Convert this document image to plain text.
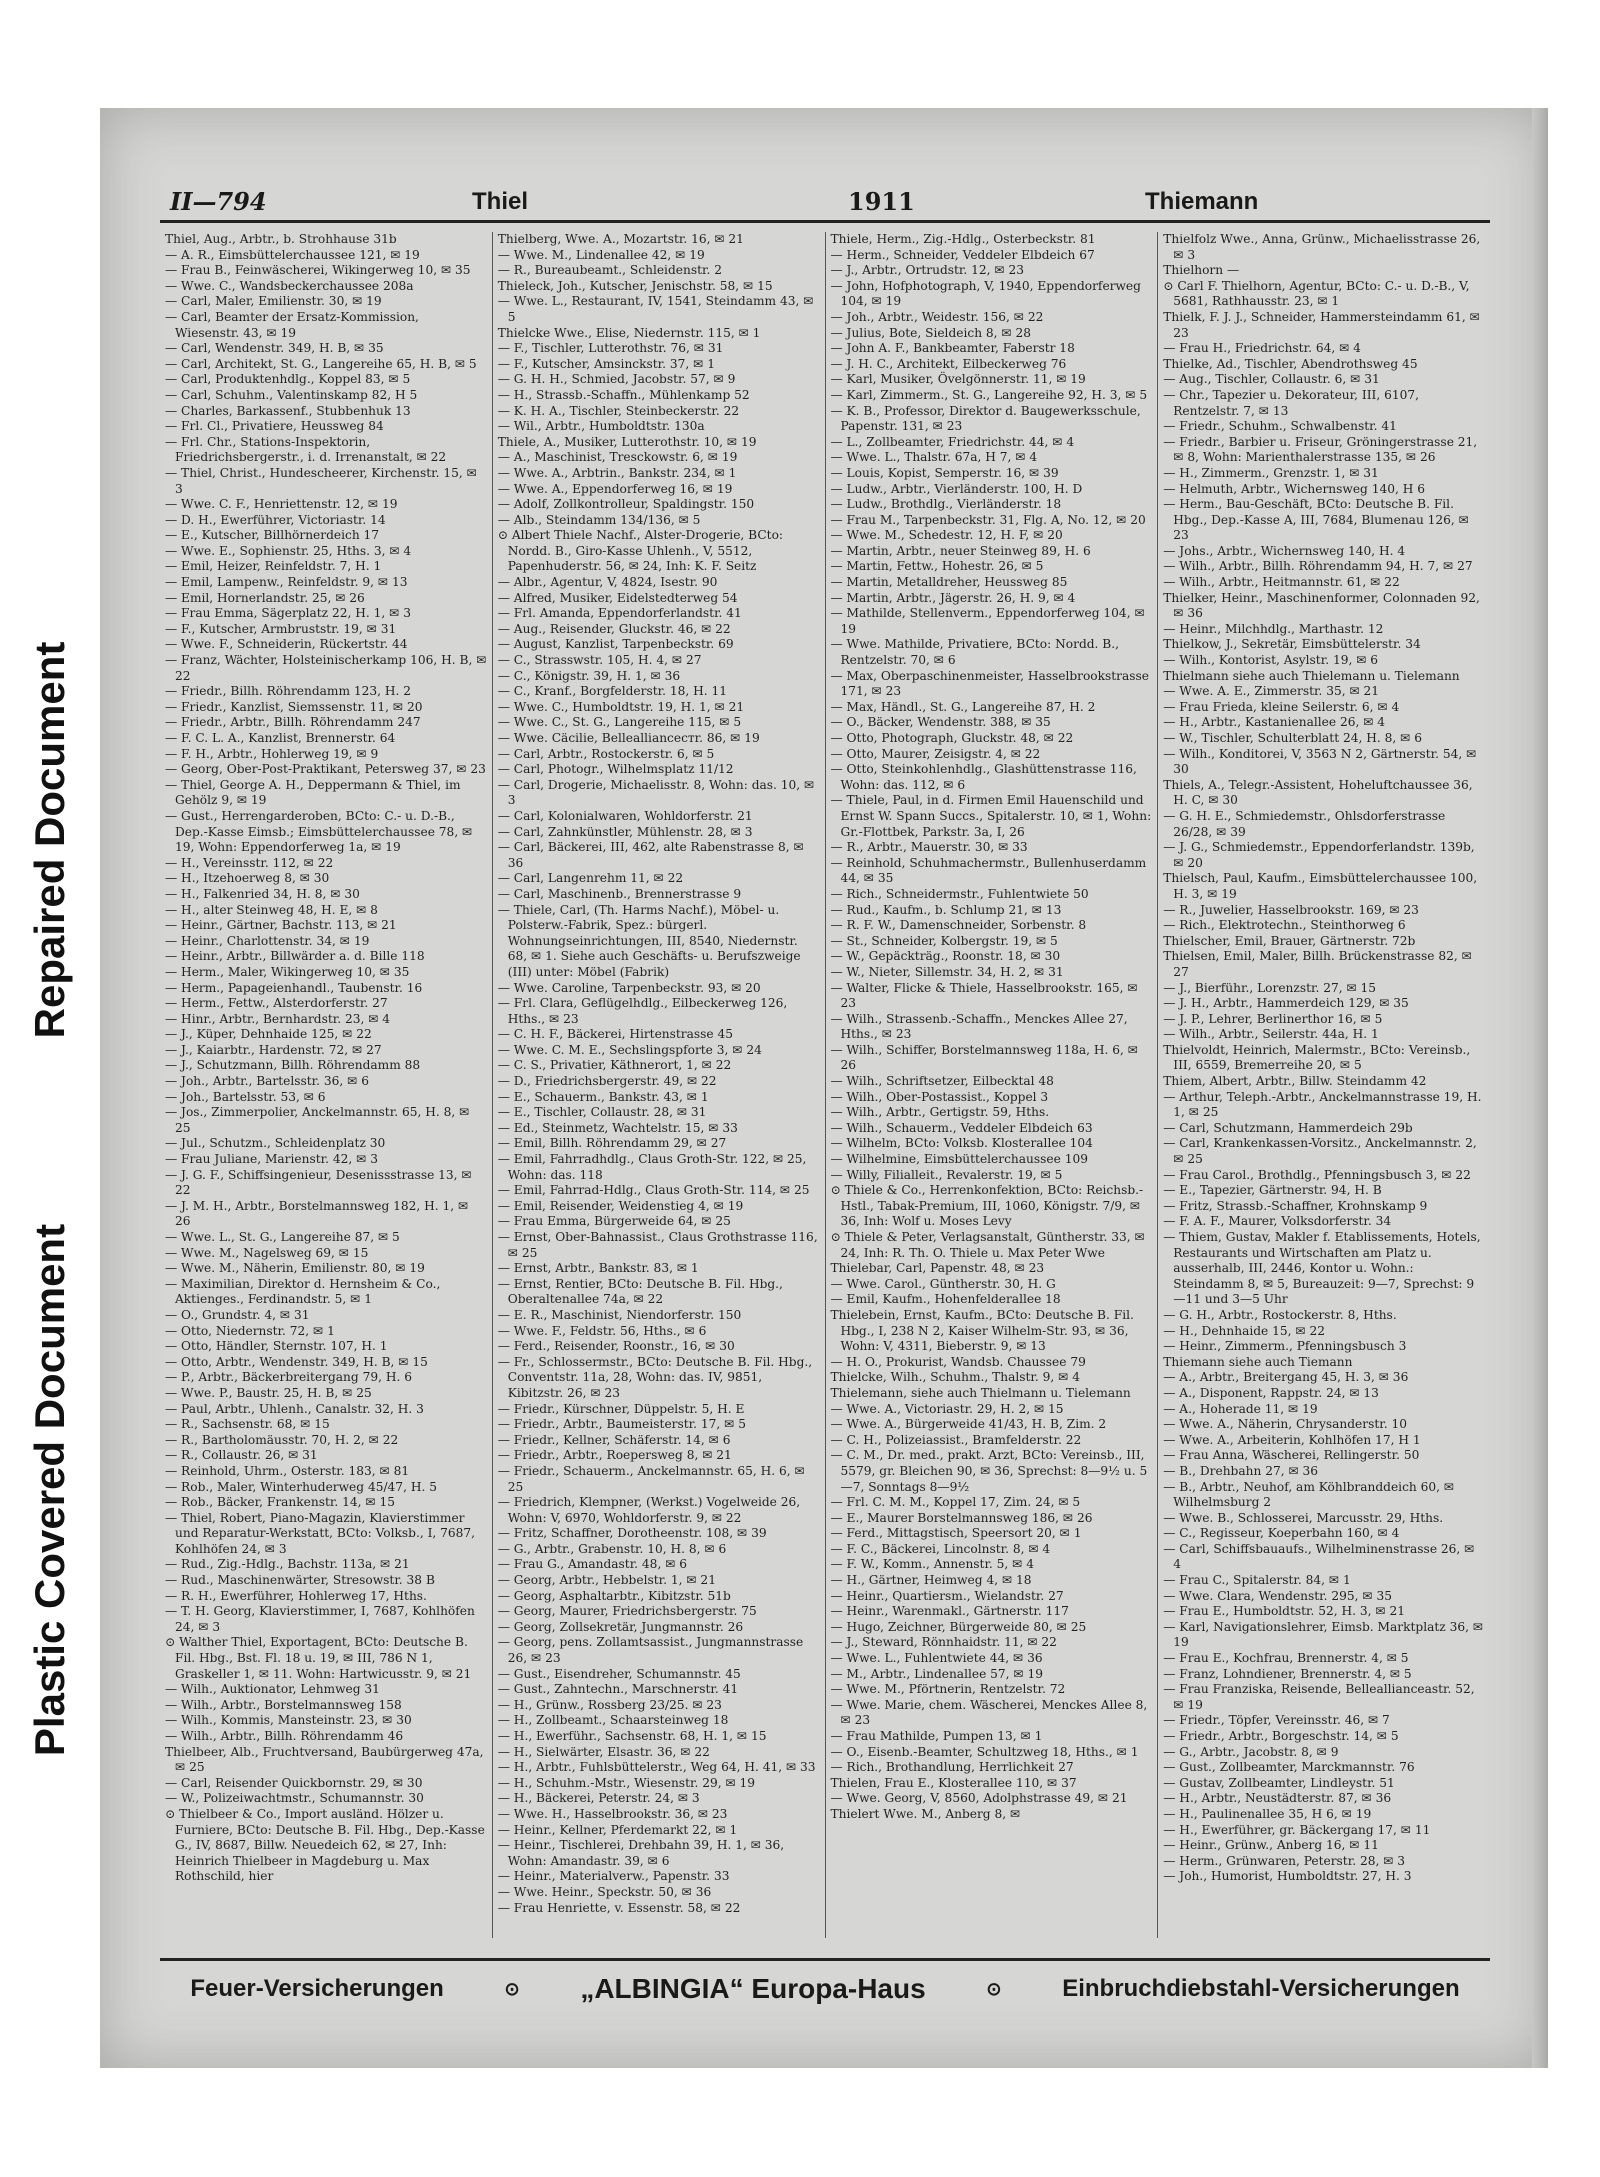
Repaired Document
Plastic Covered Document
II—794	Thiel	1911	Thiemann

Thiel, Aug., Arbtr., b. Strohhause 31b

— A. R., Eimsbüttelerchaussee 121, ✉ 19

— Frau B., Feinwäscherei, Wikingerweg 10, ✉ 35

— Wwe. C., Wandsbeckerchaussee 208a

— Carl, Maler, Emilienstr. 30, ✉ 19

— Carl, Beamter der Ersatz-Kommission, Wiesenstr. 43, ✉ 19

— Carl, Wendenstr. 349, H. B, ✉ 35

— Carl, Architekt, St. G., Langereihe 65, H. B, ✉ 5

— Carl, Produktenhdlg., Koppel 83, ✉ 5

— Carl, Schuhm., Valentinskamp 82, H 5

— Charles, Barkassenf., Stubbenhuk 13

— Frl. Cl., Privatiere, Heussweg 84

— Frl. Chr., Stations-Inspektorin, Friedrichsbergerstr., i. d. Irrenanstalt, ✉ 22

— Thiel, Christ., Hundescheerer, Kirchenstr. 15, ✉ 3

— Wwe. C. F., Henriettenstr. 12, ✉ 19

— D. H., Ewerführer, Victoriastr. 14

— E., Kutscher, Billhörnerdeich 17

— Wwe. E., Sophienstr. 25, Hths. 3, ✉ 4

— Emil, Heizer, Reinfeldstr. 7, H. 1

— Emil, Lampenw., Reinfeldstr. 9, ✉ 13

— Emil, Hornerlandstr. 25, ✉ 26

— Frau Emma, Sägerplatz 22, H. 1, ✉ 3

— F., Kutscher, Armbruststr. 19, ✉ 31

— Wwe. F., Schneiderin, Rückertstr. 44

— Franz, Wächter, Holsteinischerkamp 106, H. B, ✉ 22

— Friedr., Billh. Röhrendamm 123, H. 2

— Friedr., Kanzlist, Siemssenstr. 11, ✉ 20

— Friedr., Arbtr., Billh. Röhrendamm 247

— F. C. L. A., Kanzlist, Brennerstr. 64

— F. H., Arbtr., Hohlerweg 19, ✉ 9

— Georg, Ober-Post-Praktikant, Petersweg 37, ✉ 23

— Thiel, George A. H., Deppermann & Thiel, im Gehölz 9, ✉ 19

— Gust., Herrengarderoben, BCto: C.- u. D.-B., Dep.-Kasse Eimsb.; Eimsbüttelerchaussee 78, ✉ 19, Wohn: Eppendorferweg 1a, ✉ 19

— H., Vereinsstr. 112, ✉ 22

— H., Itzehoerweg 8, ✉ 30

— H., Falkenried 34, H. 8, ✉ 30

— H., alter Steinweg 48, H. E, ✉ 8

— Heinr., Gärtner, Bachstr. 113, ✉ 21

— Heinr., Charlottenstr. 34, ✉ 19

— Heinr., Arbtr., Billwärder a. d. Bille 118

— Herm., Maler, Wikingerweg 10, ✉ 35

— Herm., Papageienhandl., Taubenstr. 16

— Herm., Fettw., Alsterdorferstr. 27

— Hinr., Arbtr., Bernhardstr. 23, ✉ 4

— J., Küper, Dehnhaide 125, ✉ 22

— J., Kaiarbtr., Hardenstr. 72, ✉ 27

— J., Schutzmann, Billh. Röhrendamm 88

— Joh., Arbtr., Bartelsstr. 36, ✉ 6

— Joh., Bartelsstr. 53, ✉ 6

— Jos., Zimmerpolier, Anckelmannstr. 65, H. 8, ✉ 25

— Jul., Schutzm., Schleidenplatz 30

— Frau Juliane, Marienstr. 42, ✉ 3

— J. G. F., Schiffsingenieur, Desenissstrasse 13, ✉ 22

— J. M. H., Arbtr., Borstelmannsweg 182, H. 1, ✉ 26

— Wwe. L., St. G., Langereihe 87, ✉ 5

— Wwe. M., Nagelsweg 69, ✉ 15

— Wwe. M., Näherin, Emilienstr. 80, ✉ 19

— Maximilian, Direktor d. Hernsheim & Co., Aktienges., Ferdinandstr. 5, ✉ 1

— O., Grundstr. 4, ✉ 31

— Otto, Niedernstr. 72, ✉ 1

— Otto, Händler, Sternstr. 107, H. 1

— Otto, Arbtr., Wendenstr. 349, H. B, ✉ 15

— P., Arbtr., Bäckerbreitergang 79, H. 6

— Wwe. P., Baustr. 25, H. B, ✉ 25

— Paul, Arbtr., Uhlenh., Canalstr. 32, H. 3

— R., Sachsenstr. 68, ✉ 15

— R., Bartholomäusstr. 70, H. 2, ✉ 22

— R., Collaustr. 26, ✉ 31

— Reinhold, Uhrm., Osterstr. 183, ✉ 81

— Rob., Maler, Winterhuderweg 45/47, H. 5

— Rob., Bäcker, Frankenstr. 14, ✉ 15

— Thiel, Robert, Piano-Magazin, Klavierstimmer und Reparatur-Werkstatt, BCto: Volksb., I, 7687, Kohlhöfen 24, ✉ 3

— Rud., Zig.-Hdlg., Bachstr. 113a, ✉ 21

— Rud., Maschinenwärter, Stresowstr. 38 B

— R. H., Ewerführer, Hohlerweg 17, Hths.

— T. H. Georg, Klavierstimmer, I, 7687, Kohlhöfen 24, ✉ 3

⊙ Walther Thiel, Exportagent, BCto: Deutsche B. Fil. Hbg., Bst. Fl. 18 u. 19, ✉ III, 786 N 1, Graskeller 1, ✉ 11. Wohn: Hartwicusstr. 9, ✉ 21

— Wilh., Auktionator, Lehmweg 31

— Wilh., Arbtr., Borstelmannsweg 158

— Wilh., Kommis, Mansteinstr. 23, ✉ 30

— Wilh., Arbtr., Billh. Röhrendamm 46

Thielbeer, Alb., Fruchtversand, Baubürgerweg 47a, ✉ 25

— Carl, Reisender Quickbornstr. 29, ✉ 30

— W., Polizeiwachtmstr., Schumannstr. 30

⊙ Thielbeer & Co., Import ausländ. Hölzer u. Furniere, BCto: Deutsche B. Fil. Hbg., Dep.-Kasse G., IV, 8687, Billw. Neuedeich 62, ✉ 27, Inh: Heinrich Thielbeer in Magdeburg u. Max Rothschild, hier

Thielberg, Wwe. A., Mozartstr. 16, ✉ 21

— Wwe. M., Lindenallee 42, ✉ 19

— R., Bureaubeamt., Schleidenstr. 2

Thieleck, Joh., Kutscher, Jenischstr. 58, ✉ 15

— Wwe. L., Restaurant, IV, 1541, Steindamm 43, ✉ 5

Thielcke Wwe., Elise, Niedernstr. 115, ✉ 1

— F., Tischler, Lutterothstr. 76, ✉ 31

— F., Kutscher, Amsinckstr. 37, ✉ 1

— G. H. H., Schmied, Jacobstr. 57, ✉ 9

— H., Strassb.-Schaffn., Mühlenkamp 52

— K. H. A., Tischler, Steinbeckerstr. 22

— Wil., Arbtr., Humboldtstr. 130a

Thiele, A., Musiker, Lutterothstr. 10, ✉ 19

— A., Maschinist, Tresckowstr. 6, ✉ 19

— Wwe. A., Arbtrin., Bankstr. 234, ✉ 1

— Wwe. A., Eppendorferweg 16, ✉ 19

— Adolf, Zollkontrolleur, Spaldingstr. 150

— Alb., Steindamm 134/136, ✉ 5

⊙ Albert Thiele Nachf., Alster-Drogerie, BCto: Nordd. B., Giro-Kasse Uhlenh., V, 5512, Papenhuderstr. 56, ✉ 24, Inh: K. F. Seitz

— Albr., Agentur, V, 4824, Isestr. 90

— Alfred, Musiker, Eidelstedterweg 54

— Frl. Amanda, Eppendorferlandstr. 41

— Aug., Reisender, Gluckstr. 46, ✉ 22

— August, Kanzlist, Tarpenbeckstr. 69

— C., Strasswstr. 105, H. 4, ✉ 27

— C., Königstr. 39, H. 1, ✉ 36

— C., Kranf., Borgfelderstr. 18, H. 11

— Wwe. C., Humboldtstr. 19, H. 1, ✉ 21

— Wwe. C., St. G., Langereihe 115, ✉ 5

— Wwe. Cäcilie, Belleallianceстr. 86, ✉ 19

— Carl, Arbtr., Rostockerstr. 6, ✉ 5

— Carl, Photogr., Wilhelmsplatz 11/12

— Carl, Drogerie, Michaelisstr. 8, Wohn: das. 10, ✉ 3

— Carl, Kolonialwaren, Wohldorferstr. 21

— Carl, Zahnkünstler, Mühlenstr. 28, ✉ 3

— Carl, Bäckerei, III, 462, alte Rabenstrasse 8, ✉ 36

— Carl, Langenrehm 11, ✉ 22

— Carl, Maschinenb., Brennerstrasse 9

— Thiele, Carl, (Th. Harms Nachf.), Möbel- u. Polsterw.-Fabrik, Spez.: bürgerl. Wohnungseinrichtungen, III, 8540, Niedernstr. 68, ✉ 1. Siehe auch Geschäfts- u. Berufszweige (III) unter: Möbel (Fabrik)

— Wwe. Caroline, Tarpenbeckstr. 93, ✉ 20

— Frl. Clara, Geflügelhdlg., Eilbeckerweg 126, Hths., ✉ 23

— C. H. F., Bäckerei, Hirtenstrasse 45

— Wwe. C. M. E., Sechslingspforte 3, ✉ 24

— C. S., Privatier, Käthnerort, 1, ✉ 22

— D., Friedrichsbergerstr. 49, ✉ 22

— E., Schauerm., Bankstr. 43, ✉ 1

— E., Tischler, Collaustr. 28, ✉ 31

— Ed., Steinmetz, Wachtelstr. 15, ✉ 33

— Emil, Billh. Röhrendamm 29, ✉ 27

— Emil, Fahrradhdlg., Claus Groth-Str. 122, ✉ 25, Wohn: das. 118

— Emil, Fahrrad-Hdlg., Claus Groth-Str. 114, ✉ 25

— Emil, Reisender, Weidenstieg 4, ✉ 19

— Frau Emma, Bürgerweide 64, ✉ 25

— Ernst, Ober-Bahnassist., Claus Grothstrasse 116, ✉ 25

— Ernst, Arbtr., Bankstr. 83, ✉ 1

— Ernst, Rentier, BCto: Deutsche B. Fil. Hbg., Oberaltenallee 74a, ✉ 22

— E. R., Maschinist, Niendorferstr. 150

— Wwe. F., Feldstr. 56, Hths., ✉ 6

— Ferd., Reisender, Roonstr., 16, ✉ 30

— Fr., Schlossermstr., BCto: Deutsche B. Fil. Hbg., Conventstr. 11a, 28, Wohn: das. IV, 9851, Kibitzstr. 26, ✉ 23

— Friedr., Kürschner, Düppelstr. 5, H. E

— Friedr., Arbtr., Baumeisterstr. 17, ✉ 5

— Friedr., Kellner, Schäferstr. 14, ✉ 6

— Friedr., Arbtr., Roepersweg 8, ✉ 21

— Friedr., Schauerm., Anckelmannstr. 65, H. 6, ✉ 25

— Friedrich, Klempner, (Werkst.) Vogelweide 26, Wohn: V, 6970, Wohldorferstr. 9, ✉ 22

— Fritz, Schaffner, Dorotheenstr. 108, ✉ 39

— G., Arbtr., Grabenstr. 10, H. 8, ✉ 6

— Frau G., Amandastr. 48, ✉ 6

— Georg, Arbtr., Hebbelstr. 1, ✉ 21

— Georg, Asphaltarbtr., Kibitzstr. 51b

— Georg, Maurer, Friedrichsbergerstr. 75

— Georg, Zollsekretär, Jungmannstr. 26

— Georg, pens. Zollamtsassist., Jungmannstrasse 26, ✉ 23

— Gust., Eisendreher, Schumannstr. 45

— Gust., Zahntechn., Marschnerstr. 41

— H., Grünw., Rossberg 23/25. ✉ 23

— H., Zollbeamt., Schaarsteinweg 18

— H., Ewerführ., Sachsenstr. 68, H. 1, ✉ 15

— H., Sielwärter, Elsastr. 36, ✉ 22

— H., Arbtr., Fuhlsbüttelerstr., Weg 64, H. 41, ✉ 33

— H., Schuhm.-Mstr., Wiesenstr. 29, ✉ 19

— H., Bäckerei, Peterstr. 24, ✉ 3

— Wwe. H., Hasselbrookstr. 36, ✉ 23

— Heinr., Kellner, Pferdemarkt 22, ✉ 1

— Heinr., Tischlerei, Drehbahn 39, H. 1, ✉ 36, Wohn: Amandastr. 39, ✉ 6

— Heinr., Materialverw., Papenstr. 33

— Wwe. Heinr., Speckstr. 50, ✉ 36

— Frau Henriette, v. Essenstr. 58, ✉ 22

Thiele, Herm., Zig.-Hdlg., Osterbeckstr. 81

— Herm., Schneider, Veddeler Elbdeich 67

— J., Arbtr., Ortrudstr. 12, ✉ 23

— John, Hofphotograph, V, 1940, Eppendorferweg 104, ✉ 19

— Joh., Arbtr., Weidestr. 156, ✉ 22

— Julius, Bote, Sieldeich 8, ✉ 28

— John A. F., Bankbeamter, Faberstr 18

— J. H. C., Architekt, Eilbeckerweg 76

— Karl, Musiker, Övelgönnerstr. 11, ✉ 19

— Karl, Zimmerm., St. G., Langereihe 92, H. 3, ✉ 5

— K. B., Professor, Direktor d. Baugewerksschule, Papenstr. 131, ✉ 23

— L., Zollbeamter, Friedrichstr. 44, ✉ 4

— Wwe. L., Thalstr. 67a, H 7, ✉ 4

— Louis, Kopist, Semperstr. 16, ✉ 39

— Ludw., Arbtr., Vierländerstr. 100, H. D

— Ludw., Brothdlg., Vierländerstr. 18

— Frau M., Tarpenbeckstr. 31, Flg. A, No. 12, ✉ 20

— Wwe. M., Schedestr. 12, H. F, ✉ 20

— Martin, Arbtr., neuer Steinweg 89, H. 6

— Martin, Fettw., Hohestr. 26, ✉ 5

— Martin, Metalldreher, Heussweg 85

— Martin, Arbtr., Jägerstr. 26, H. 9, ✉ 4

— Mathilde, Stellenverm., Eppendorferweg 104, ✉ 19

— Wwe. Mathilde, Privatiere, BCto: Nordd. B., Rentzelstr. 70, ✉ 6

— Max, Oberpaschinenmeister, Hasselbrookstrasse 171, ✉ 23

— Max, Händl., St. G., Langereihe 87, H. 2

— O., Bäcker, Wendenstr. 388, ✉ 35

— Otto, Photograph, Gluckstr. 48, ✉ 22

— Otto, Maurer, Zeisigstr. 4, ✉ 22

— Otto, Steinkohlenhdlg., Glashüttenstrasse 116, Wohn: das. 112, ✉ 6

— Thiele, Paul, in d. Firmen Emil Hauenschild und Ernst W. Spann Succs., Spitalerstr. 10, ✉ 1, Wohn: Gr.-Flottbek, Parkstr. 3a, I, 26

— R., Arbtr., Mauerstr. 30, ✉ 33

— Reinhold, Schuhmachermstr., Bullenhuserdamm 44, ✉ 35

— Rich., Schneidermstr., Fuhlentwiete 50

— Rud., Kaufm., b. Schlump 21, ✉ 13

— R. F. W., Damenschneider, Sorbenstr. 8

— St., Schneider, Kolbergstr. 19, ✉ 5

— W., Gepäckträg., Roonstr. 18, ✉ 30

— W., Nieter, Sillemstr. 34, H. 2, ✉ 31

— Walter, Flicke & Thiele, Hasselbrookstr. 165, ✉ 23

— Wilh., Strassenb.-Schaffn., Menckes Allee 27, Hths., ✉ 23

— Wilh., Schiffer, Borstelmannsweg 118a, H. 6, ✉ 26

— Wilh., Schriftsetzer, Eilbecktal 48

— Wilh., Ober-Postassist., Koppel 3

— Wilh., Arbtr., Gertigstr. 59, Hths.

— Wilh., Schauerm., Veddeler Elbdeich 63

— Wilhelm, BCto: Volksb. Klosterallee 104

— Wilhelmine, Eimsbüttelerchaussee 109

— Willy, Filialleit., Revalerstr. 19, ✉ 5

⊙ Thiele & Co., Herrenkonfektion, BCto: Reichsb.-Hstl., Tabak-Premium, III, 1060, Königstr. 7/9, ✉ 36, Inh: Wolf u. Moses Levy

⊙ Thiele & Peter, Verlagsanstalt, Güntherstr. 33, ✉ 24, Inh: R. Th. O. Thiele u. Max Peter Wwe

Thielebar, Carl, Papenstr. 48, ✉ 23

— Wwe. Carol., Güntherstr. 30, H. G

— Emil, Kaufm., Hohenfelderallee 18

Thielebein, Ernst, Kaufm., BCto: Deutsche B. Fil. Hbg., I, 238 N 2, Kaiser Wilhelm-Str. 93, ✉ 36, Wohn: V, 4311, Bieberstr. 9, ✉ 13

— H. O., Prokurist, Wandsb. Chaussee 79

Thielcke, Wilh., Schuhm., Thalstr. 9, ✉ 4

Thielemann, siehe auch Thielmann u. Tielemann

— Wwe. A., Victoriastr. 29, H. 2, ✉ 15

— Wwe. A., Bürgerweide 41/43, H. B, Zim. 2

— C. H., Polizeiassist., Bramfelderstr. 22

— C. M., Dr. med., prakt. Arzt, BCto: Vereinsb., III, 5579, gr. Bleichen 90, ✉ 36, Sprechst: 8—9½ u. 5—7, Sonntags 8—9½

— Frl. C. M. M., Koppel 17, Zim. 24, ✉ 5

— E., Maurer Borstelmannsweg 186, ✉ 26

— Ferd., Mittagstisch, Speersort 20, ✉ 1

— F. C., Bäckerei, Lincolnstr. 8, ✉ 4

— F. W., Komm., Annenstr. 5, ✉ 4

— H., Gärtner, Heimweg 4, ✉ 18

— Heinr., Quartiersm., Wielandstr. 27

— Heinr., Warenmakl., Gärtnerstr. 117

— Hugo, Zeichner, Bürgerweide 80, ✉ 25

— J., Steward, Rönnhaidstr. 11, ✉ 22

— Wwe. L., Fuhlentwiete 44, ✉ 36

— M., Arbtr., Lindenallee 57, ✉ 19

— Wwe. M., Pförtnerin, Rentzelstr. 72

— Wwe. Marie, chem. Wäscherei, Menckes Allee 8, ✉ 23

— Frau Mathilde, Pumpen 13, ✉ 1

— O., Eisenb.-Beamter, Schultzweg 18, Hths., ✉ 1

— Rich., Brothandlung, Herrlichkeit 27

Thielen, Frau E., Klosterallee 110, ✉ 37

— Wwe. Georg, V, 8560, Adolphstrasse 49, ✉ 21

Thielert Wwe. M., Anberg 8, ✉

Thielfolz Wwe., Anna, Grünw., Michaelisstrasse 26, ✉ 3

Thielhorn —

⊙ Carl F. Thielhorn, Agentur, BCto: C.- u. D.-B., V, 5681, Rathhausstr. 23, ✉ 1

Thielk, F. J. J., Schneider, Hammersteindamm 61, ✉ 23

— Frau H., Friedrichstr. 64, ✉ 4

Thielke, Ad., Tischler, Abendrothsweg 45

— Aug., Tischler, Collaustr. 6, ✉ 31

— Chr., Tapezier u. Dekorateur, III, 6107, Rentzelstr. 7, ✉ 13

— Friedr., Schuhm., Schwalbenstr. 41

— Friedr., Barbier u. Friseur, Gröningerstrasse 21, ✉ 8, Wohn: Marienthalerstrasse 135, ✉ 26

— H., Zimmerm., Grenzstr. 1, ✉ 31

— Helmuth, Arbtr., Wichernsweg 140, H 6

— Herm., Bau-Geschäft, BCto: Deutsche B. Fil. Hbg., Dep.-Kasse A, III, 7684, Blumenau 126, ✉ 23

— Johs., Arbtr., Wichernsweg 140, H. 4

— Wilh., Arbtr., Billh. Röhrendamm 94, H. 7, ✉ 27

— Wilh., Arbtr., Heitmannstr. 61, ✉ 22

Thielker, Heinr., Maschinenformer, Colonnaden 92, ✉ 36

— Heinr., Milchhdlg., Marthastr. 12

Thielkow, J., Sekretär, Eimsbüttelerstr. 34

— Wilh., Kontorist, Asylstr. 19, ✉ 6

Thielmann siehe auch Thielemann u. Tielemann

— Wwe. A. E., Zimmerstr. 35, ✉ 21

— Frau Frieda, kleine Seilerstr. 6, ✉ 4

— H., Arbtr., Kastanienallee 26, ✉ 4

— W., Tischler, Schulterblatt 24, H. 8, ✉ 6

— Wilh., Konditorei, V, 3563 N 2, Gärtnerstr. 54, ✉ 30

Thiels, A., Telegr.-Assistent, Hoheluftchaussee 36, H. C, ✉ 30

— G. H. E., Schmiedemstr., Ohlsdorferstrasse 26/28, ✉ 39

— J. G., Schmiedemstr., Eppendorferlandstr. 139b, ✉ 20

Thielsch, Paul, Kaufm., Eimsbüttelerchaussee 100, H. 3, ✉ 19

— R., Juwelier, Hasselbrookstr. 169, ✉ 23

— Rich., Elektrotechn., Steinthorweg 6

Thielscher, Emil, Brauer, Gärtnerstr. 72b

Thielsen, Emil, Maler, Billh. Brückenstrasse 82, ✉ 27

— J., Bierführ., Lorenzstr. 27, ✉ 15

— J. H., Arbtr., Hammerdeich 129, ✉ 35

— J. P., Lehrer, Berlinerthor 16, ✉ 5

— Wilh., Arbtr., Seilerstr. 44a, H. 1

Thielvoldt, Heinrich, Malermstr., BCto: Vereinsb., III, 6559, Bremerreihe 20, ✉ 5

Thiem, Albert, Arbtr., Billw. Steindamm 42

— Arthur, Teleph.-Arbtr., Anckelmannstrasse 19, H. 1, ✉ 25

— Carl, Schutzmann, Hammerdeich 29b

— Carl, Krankenkassen-Vorsitz., Anckelmannstr. 2, ✉ 25

— Frau Carol., Brothdlg., Pfenningsbusch 3, ✉ 22

— E., Tapezier, Gärtnerstr. 94, H. B

— Fritz, Strassb.-Schaffner, Krohnskamp 9

— F. A. F., Maurer, Volksdorferstr. 34

— Thiem, Gustav, Makler f. Etablissements, Hotels, Restaurants und Wirtschaften am Platz u. ausserhalb, III, 2446, Kontor u. Wohn.: Steindamm 8, ✉ 5, Bureauzeit: 9—7, Sprechst: 9—11 und 3—5 Uhr

— G. H., Arbtr., Rostockerstr. 8, Hths.

— H., Dehnhaide 15, ✉ 22

— Heinr., Zimmerm., Pfenningsbusch 3

Thiemann siehe auch Tiemann

— A., Arbtr., Breitergang 45, H. 3, ✉ 36

— A., Disponent, Rappstr. 24, ✉ 13

— A., Hoherade 11, ✉ 19

— Wwe. A., Näherin, Chrysanderstr. 10

— Wwe. A., Arbeiterin, Kohlhöfen 17, H 1

— Frau Anna, Wäscherei, Rellingerstr. 50

— B., Drehbahn 27, ✉ 36

— B., Arbtr., Neuhof, am Köhlbranddeich 60, ✉ Wilhelmsburg 2

— Wwe. B., Schlosserei, Marcusstr. 29, Hths.

— C., Regisseur, Koeperbahn 160, ✉ 4

— Carl, Schiffsbauaufs., Wilhelminenstrasse 26, ✉ 4

— Frau C., Spitalerstr. 84, ✉ 1

— Wwe. Clara, Wendenstr. 295, ✉ 35

— Frau E., Humboldtstr. 52, H. 3, ✉ 21

— Karl, Navigationslehrer, Eimsb. Marktplatz 36, ✉ 19

— Frau E., Kochfrau, Brennerstr. 4, ✉ 5

— Franz, Lohndiener, Brennerstr. 4, ✉ 5

— Frau Franziska, Reisende, Belleallianceastr. 52, ✉ 19

— Friedr., Töpfer, Vereinsstr. 46, ✉ 7

— Friedr., Arbtr., Borgeschstr. 14, ✉ 5

— G., Arbtr., Jacobstr. 8, ✉ 9

— Gust., Zollbeamter, Marckmannstr. 76

— Gustav, Zollbeamter, Lindleystr. 51

— H., Arbtr., Neustädterstr. 87, ✉ 36

— H., Paulinenallee 35, H 6, ✉ 19

— H., Ewerführer, gr. Bäckergang 17, ✉ 11

— Heinr., Grünw., Anberg 16, ✉ 11

— Herm., Grünwaren, Peterstr. 28, ✉ 3

— Joh., Humorist, Humboldtstr. 27, H. 3

Feuer-Versicherungen	⊙ „ALBINGIA“ Europa-Haus	⊙	Einbruchdiebstahl-Versicherungen
